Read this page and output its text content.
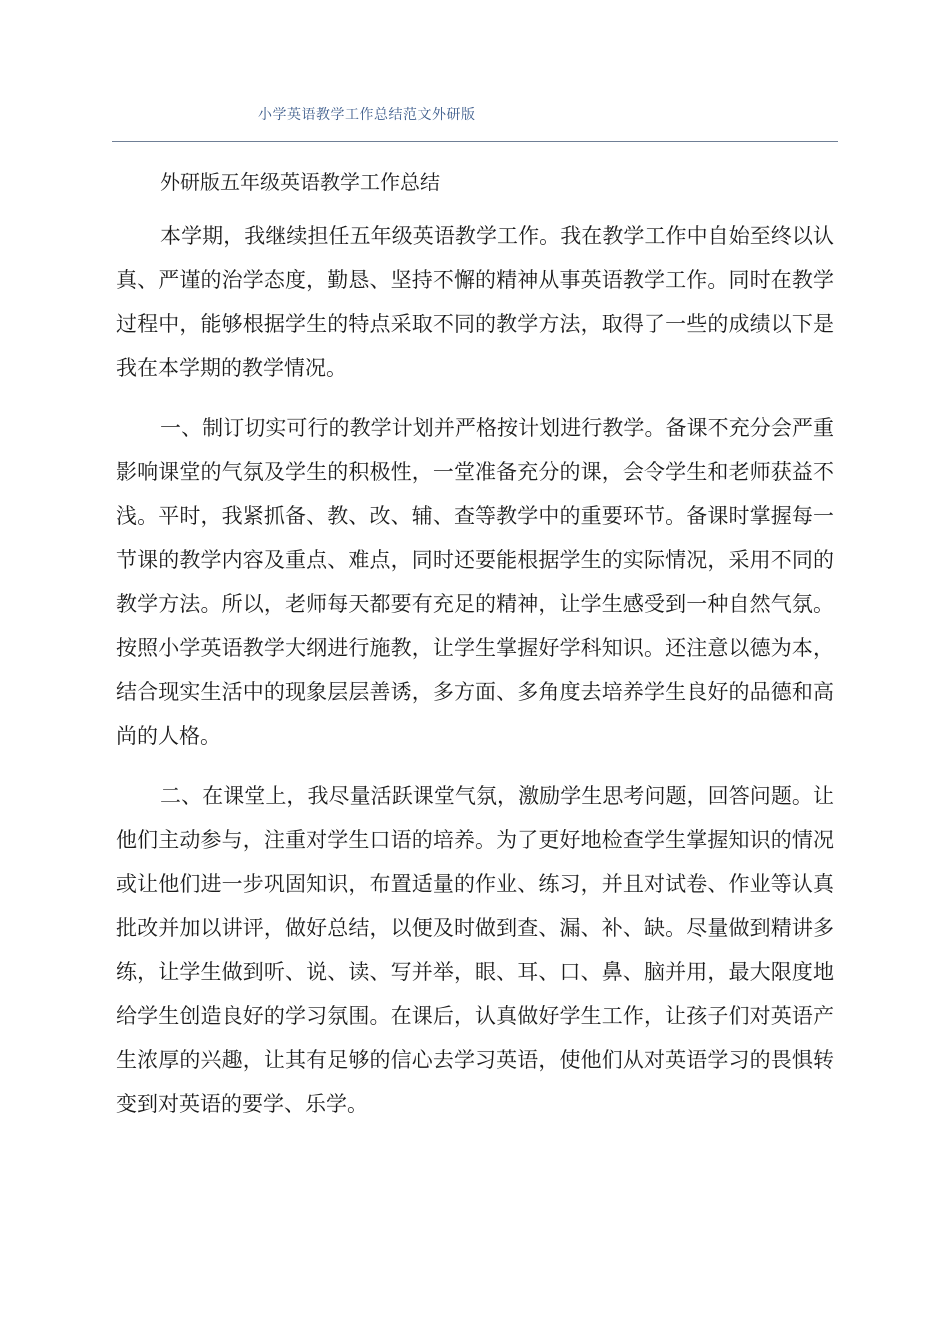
小学英语教学工作总结范文外研版
外研版五年级英语教学工作总结

本学期，我继续担任五年级英语教学工作。我在教学工作中自始至终以认真、严谨的治学态度，勤恳、坚持不懈的精神从事英语教学工作。同时在教学过程中，能够根据学生的特点采取不同的教学方法，取得了一些的成绩以下是我在本学期的教学情况。

一、制订切实可行的教学计划并严格按计划进行教学。备课不充分会严重影响课堂的气氛及学生的积极性，一堂准备充分的课，会令学生和老师获益不浅。平时，我紧抓备、教、改、辅、查等教学中的重要环节。备课时掌握每一节课的教学内容及重点、难点，同时还要能根据学生的实际情况，采用不同的教学方法。所以，老师每天都要有充足的精神，让学生感受到一种自然气氛。按照小学英语教学大纲进行施教，让学生掌握好学科知识。还注意以德为本，结合现实生活中的现象层层善诱，多方面、多角度去培养学生良好的品德和高尚的人格。

二、在课堂上，我尽量活跃课堂气氛，激励学生思考问题，回答问题。让他们主动参与，注重对学生口语的培养。为了更好地检查学生掌握知识的情况或让他们进一步巩固知识，布置适量的作业、练习，并且对试卷、作业等认真批改并加以讲评，做好总结，以便及时做到查、漏、补、缺。尽量做到精讲多练，让学生做到听、说、读、写并举，眼、耳、口、鼻、脑并用，最大限度地给学生创造良好的学习氛围。在课后，认真做好学生工作，让孩子们对英语产生浓厚的兴趣，让其有足够的信心去学习英语，使他们从对英语学习的畏惧转变到对英语的要学、乐学。
